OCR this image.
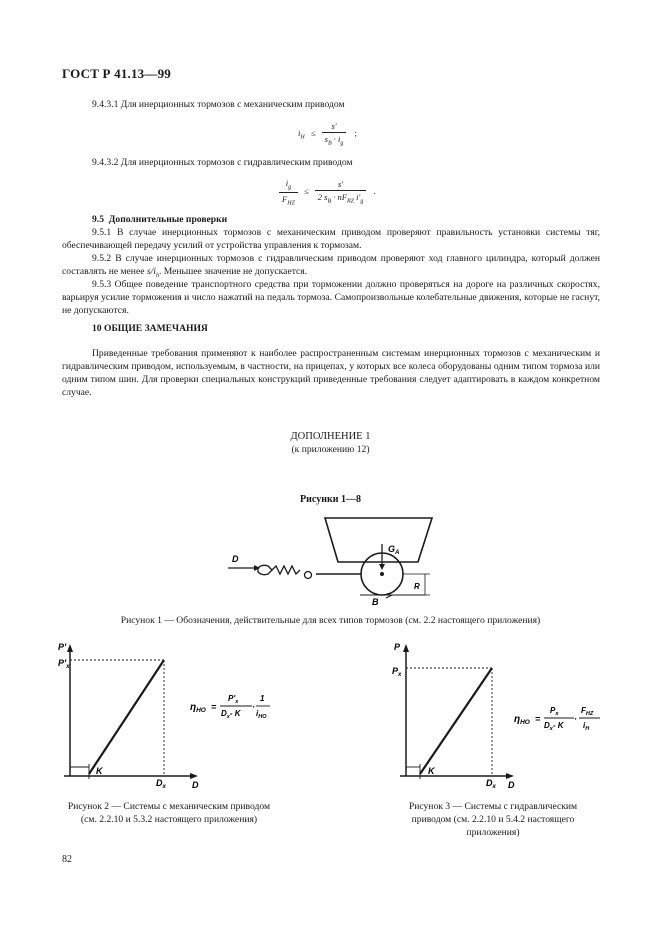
ГОСТ Р 41.13—99
9.4.3.1 Для инерционных тормозов с механическим приводом
$i_H \le \frac{s'}{s_B \cdot i_g}$ ;
9.4.3.2 Для инерционных тормозов с гидравлическим приводом
$\frac{i_g}{F_{HZ}} \le \frac{s'}{2 s_B \cdot nF_{RZ} i'_g}$ .
9.5 Дополнительные проверки
9.5.1 В случае инерционных тормозов с механическим приводом проверяют правильность установки системы тяг, обеспечивающей передачу усилий от устройства управления к тормозам.
9.5.2 В случае инерционных тормозов с гидравлическим приводом проверяют ход главного цилиндра, который должен составлять не менее $s/i_h$. Меньшее значение не допускается.
9.5.3 Общее поведение транспортного средства при торможении должно проверяться на дороге на различных скоростях, варьируя усилие торможения и число нажатий на педаль тормоза. Самопроизвольные колебательные движения, которые не гаснут, не допускаются.
10 ОБЩИЕ ЗАМЕЧАНИЯ
Приведенные требования применяют к наиболее распространенным системам инерционных тормозов с механическим и гидравлическим приводом, используемым, в частности, на прицепах, у которых все колеса оборудованы одним типом тормоза или одним типом шин. Для проверки специальных конструкций приведенные требования следует адаптировать в каждом конкретном случае.
ДОПОЛНЕНИЕ 1
(к приложению 12)
Рисунки 1—8
D
$G_A$
R
B
Рисунок 1 — Обозначения, действительные для всех типов тормозов (см. 2.2 настоящего приложения)
P'
$P'_x$
K
$D_x$	D
$\eta_{HO}$ =
$P'_x$
$D_x-$ K
·
1
$i_{HO}$
Рисунок 2 — Системы с механическим приводом (см. 2.2.10 и 5.3.2 настоящего приложения)
P
$P_x$
K
$D_x$ D
$\eta_{HO}$ =
$P_x$
$D_x-$ K
·
$F_{HZ}$
$i_H$
Рисунок 3 — Системы с гидравлическим приводом (см. 2.2.10 и 5.4.2 настоящего приложения)
82
